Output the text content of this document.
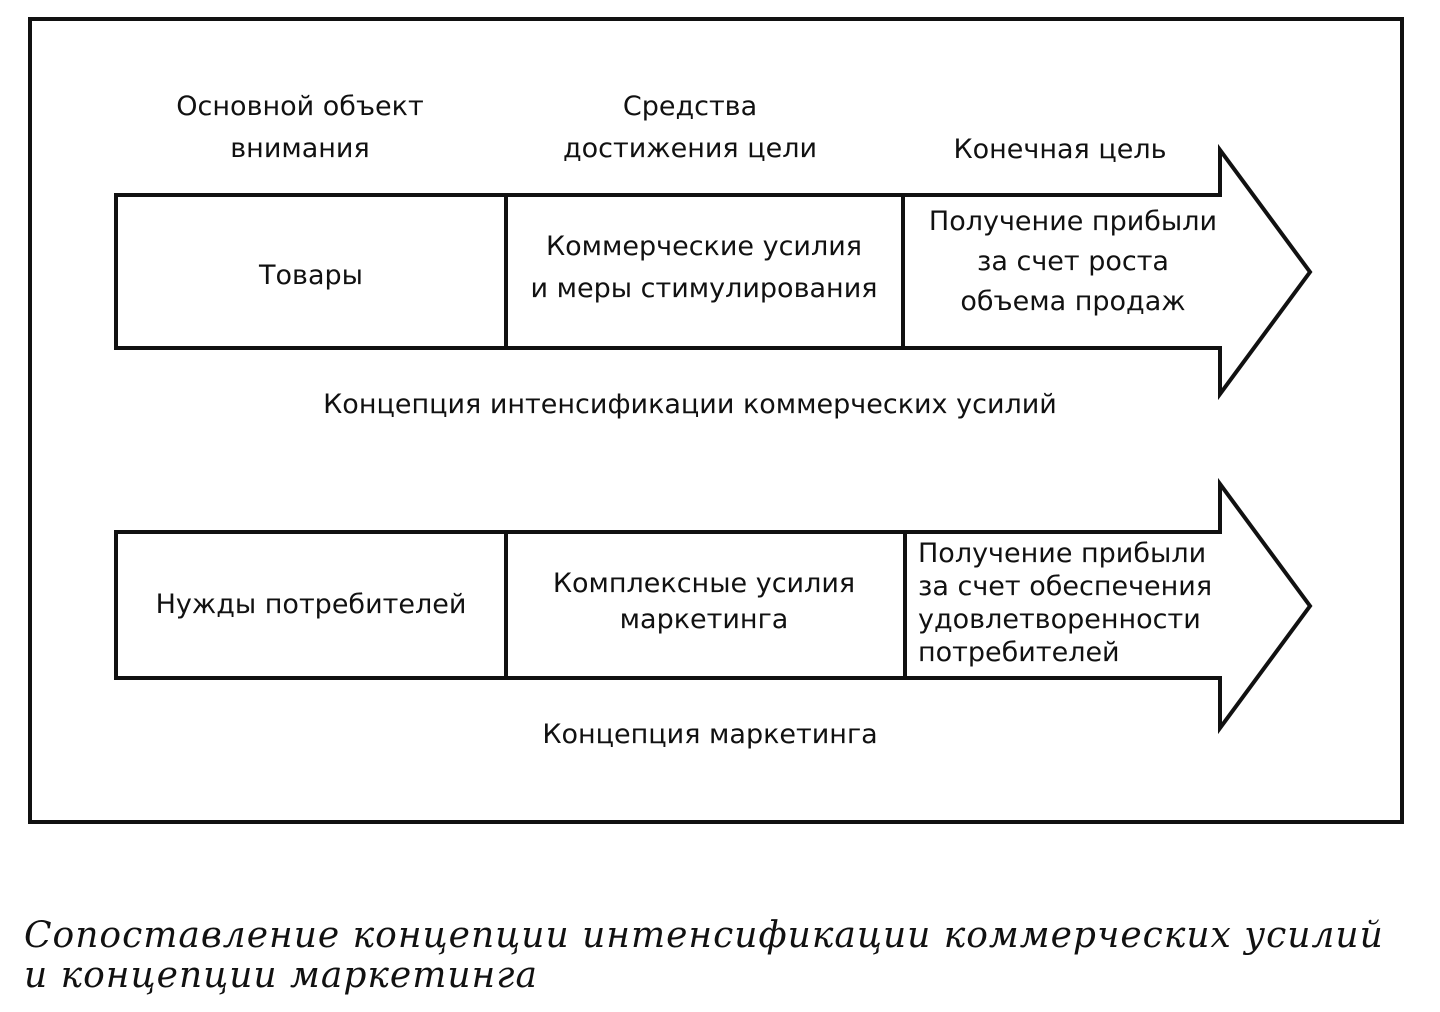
Основной объект
внимания
Средства
достижения цели	Конечная цель
Товары
Коммерческие усилия
и меры стимулирования
Получение прибыли
за счет роста
объема продаж
Концепция интенсификации коммерческих усилий
Нужды потребителей
Комплексные усилия
маркетинга
Получение прибыли
за счет обеспечения
удовлетворенности
потребителей
Концепция маркетинга
Сопоставление концепции интенсификации коммерческих усилий
и концепции маркетинга
